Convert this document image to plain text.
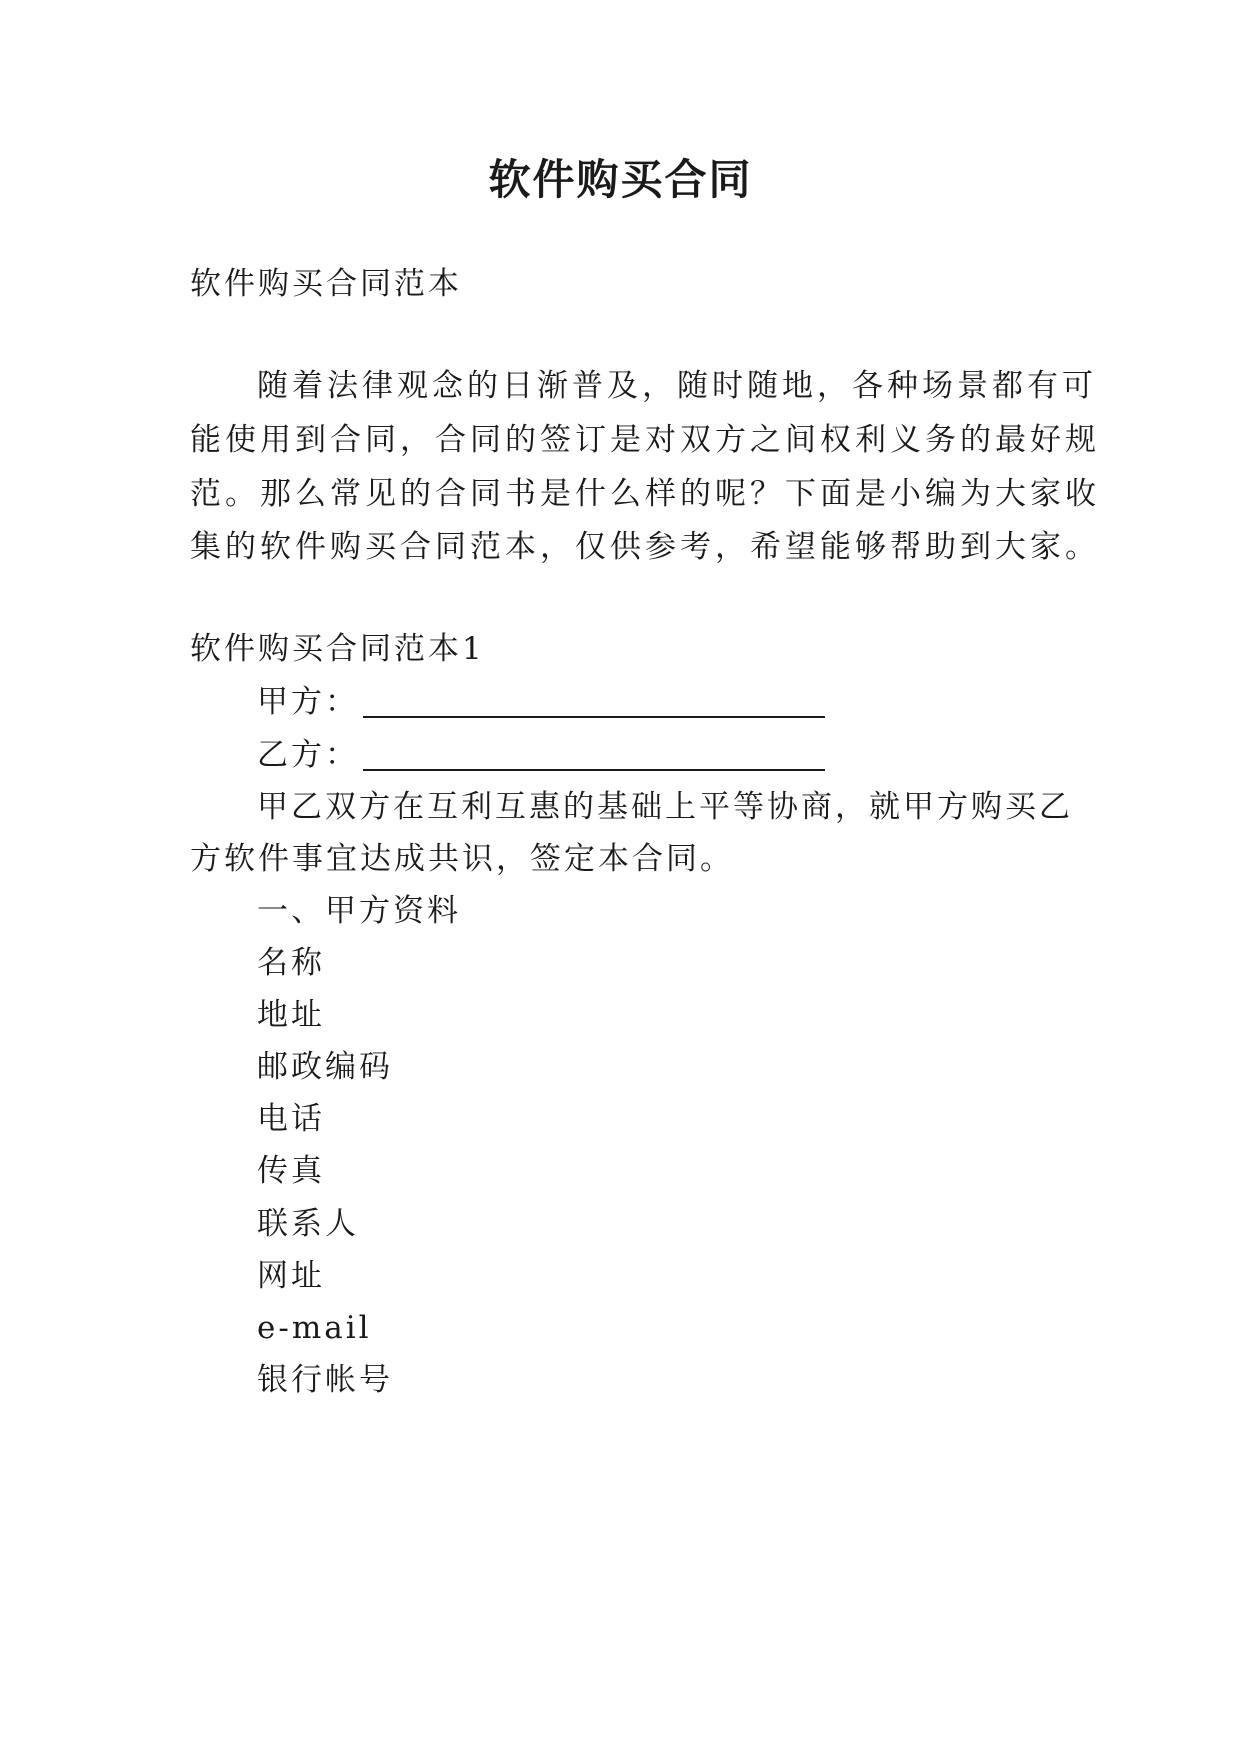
软件购买合同
软件购买合同范本
随着法律观念的日渐普及，随时随地，各种场景都有可
能使用到合同，合同的签订是对双方之间权利义务的最好规
范。那么常见的合同书是什么样的呢？下面是小编为大家收
集的软件购买合同范本，仅供参考，希望能够帮助到大家。
软件购买合同范本1
甲方：
乙方：
甲乙双方在互利互惠的基础上平等协商，就甲方购买乙
方软件事宜达成共识，签定本合同。
一、甲方资料
名称
地址
邮政编码
电话
传真
联系人
网址
e-mail
银行帐号
